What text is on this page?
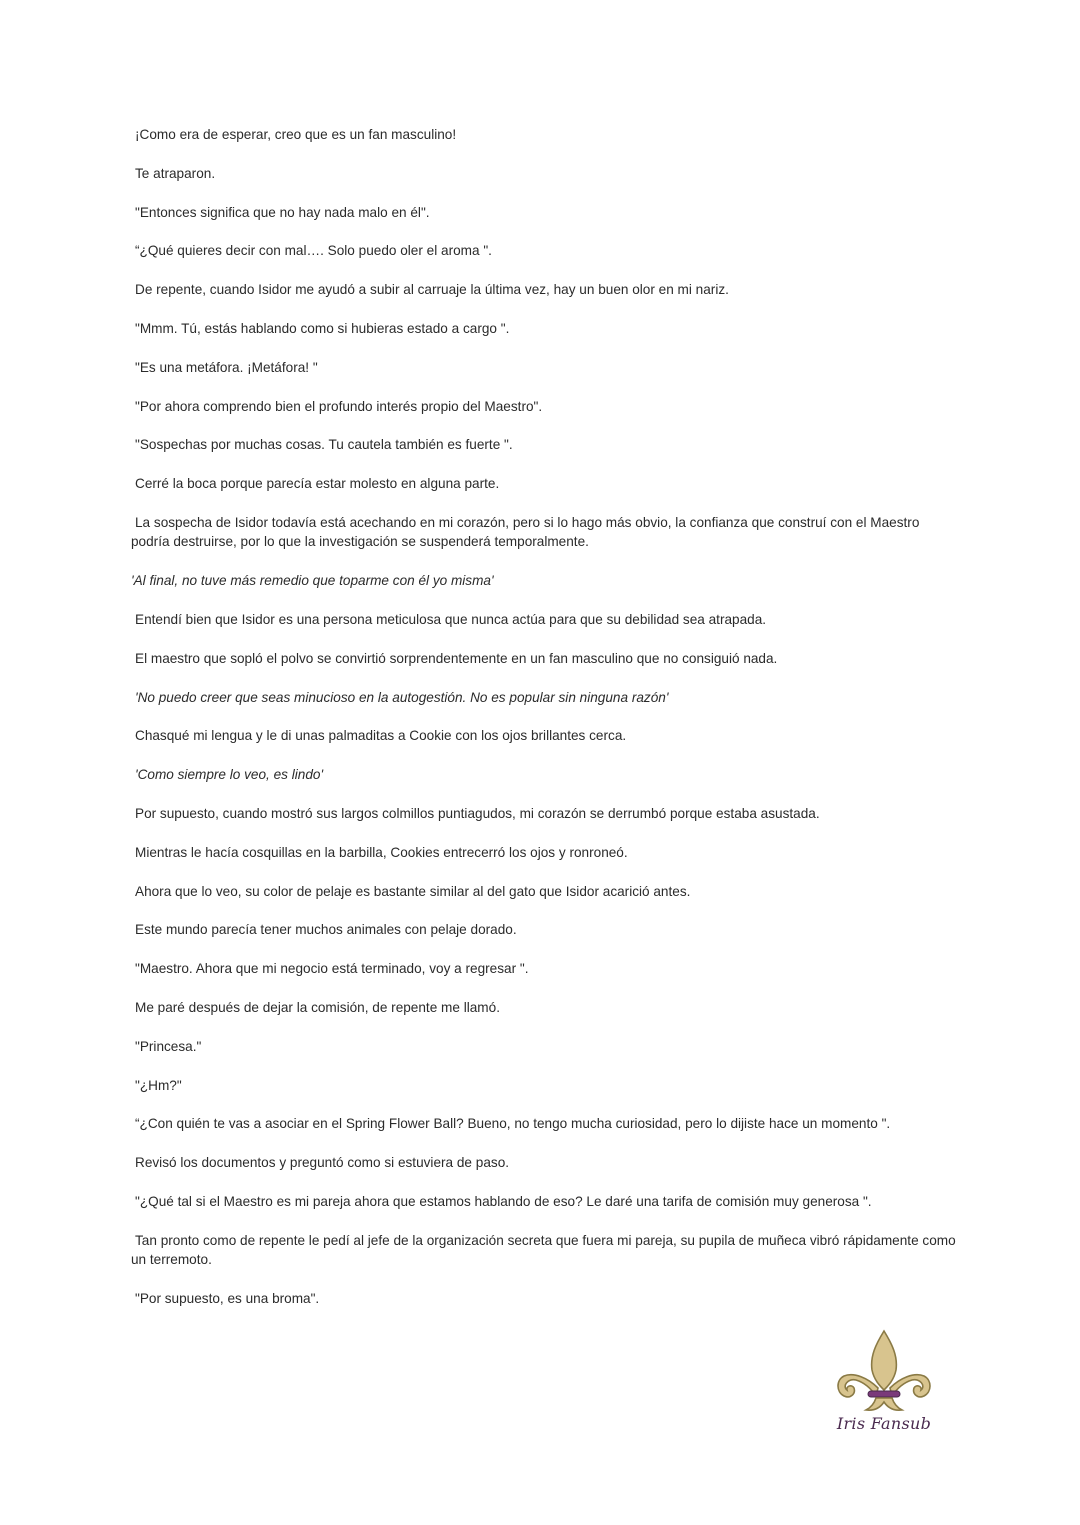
¡Como era de esperar, creo que es un fan masculino!

Te atraparon.

"Entonces significa que no hay nada malo en él".

“¿Qué quieres decir con mal…. Solo puedo oler el aroma ".

De repente, cuando Isidor me ayudó a subir al carruaje la última vez, hay un buen olor en mi nariz.

"Mmm. Tú, estás hablando como si hubieras estado a cargo ".

"Es una metáfora. ¡Metáfora! "

"Por ahora comprendo bien el profundo interés propio del Maestro".

"Sospechas por muchas cosas. Tu cautela también es fuerte ".

Cerré la boca porque parecía estar molesto en alguna parte.

La sospecha de Isidor todavía está acechando en mi corazón, pero si lo hago más obvio, la confianza que construí con el Maestro podría destruirse, por lo que la investigación se suspenderá temporalmente.

'Al final, no tuve más remedio que toparme con él yo misma'

Entendí bien que Isidor es una persona meticulosa que nunca actúa para que su debilidad sea atrapada.

El maestro que sopló el polvo se convirtió sorprendentemente en un fan masculino que no consiguió nada.

'No puedo creer que seas minucioso en la autogestión. No es popular sin ninguna razón'

Chasqué mi lengua y le di unas palmaditas a Cookie con los ojos brillantes cerca.

'Como siempre lo veo, es lindo'

Por supuesto, cuando mostró sus largos colmillos puntiagudos, mi corazón se derrumbó porque estaba asustada.

Mientras le hacía cosquillas en la barbilla, Cookies entrecerró los ojos y ronroneó.

Ahora que lo veo, su color de pelaje es bastante similar al del gato que Isidor acarició antes.

Este mundo parecía tener muchos animales con pelaje dorado.

"Maestro. Ahora que mi negocio está terminado, voy a regresar ".

Me paré después de dejar la comisión, de repente me llamó.

"Princesa."

"¿Hm?"

“¿Con quién te vas a asociar en el Spring Flower Ball? Bueno, no tengo mucha curiosidad, pero lo dijiste hace un momento ".

Revisó los documentos y preguntó como si estuviera de paso.

"¿Qué tal si el Maestro es mi pareja ahora que estamos hablando de eso? Le daré una tarifa de comisión muy generosa ".

Tan pronto como de repente le pedí al jefe de la organización secreta que fuera mi pareja, su pupila de muñeca vibró rápidamente como un terremoto.

"Por supuesto, es una broma".

Iris Fansub
